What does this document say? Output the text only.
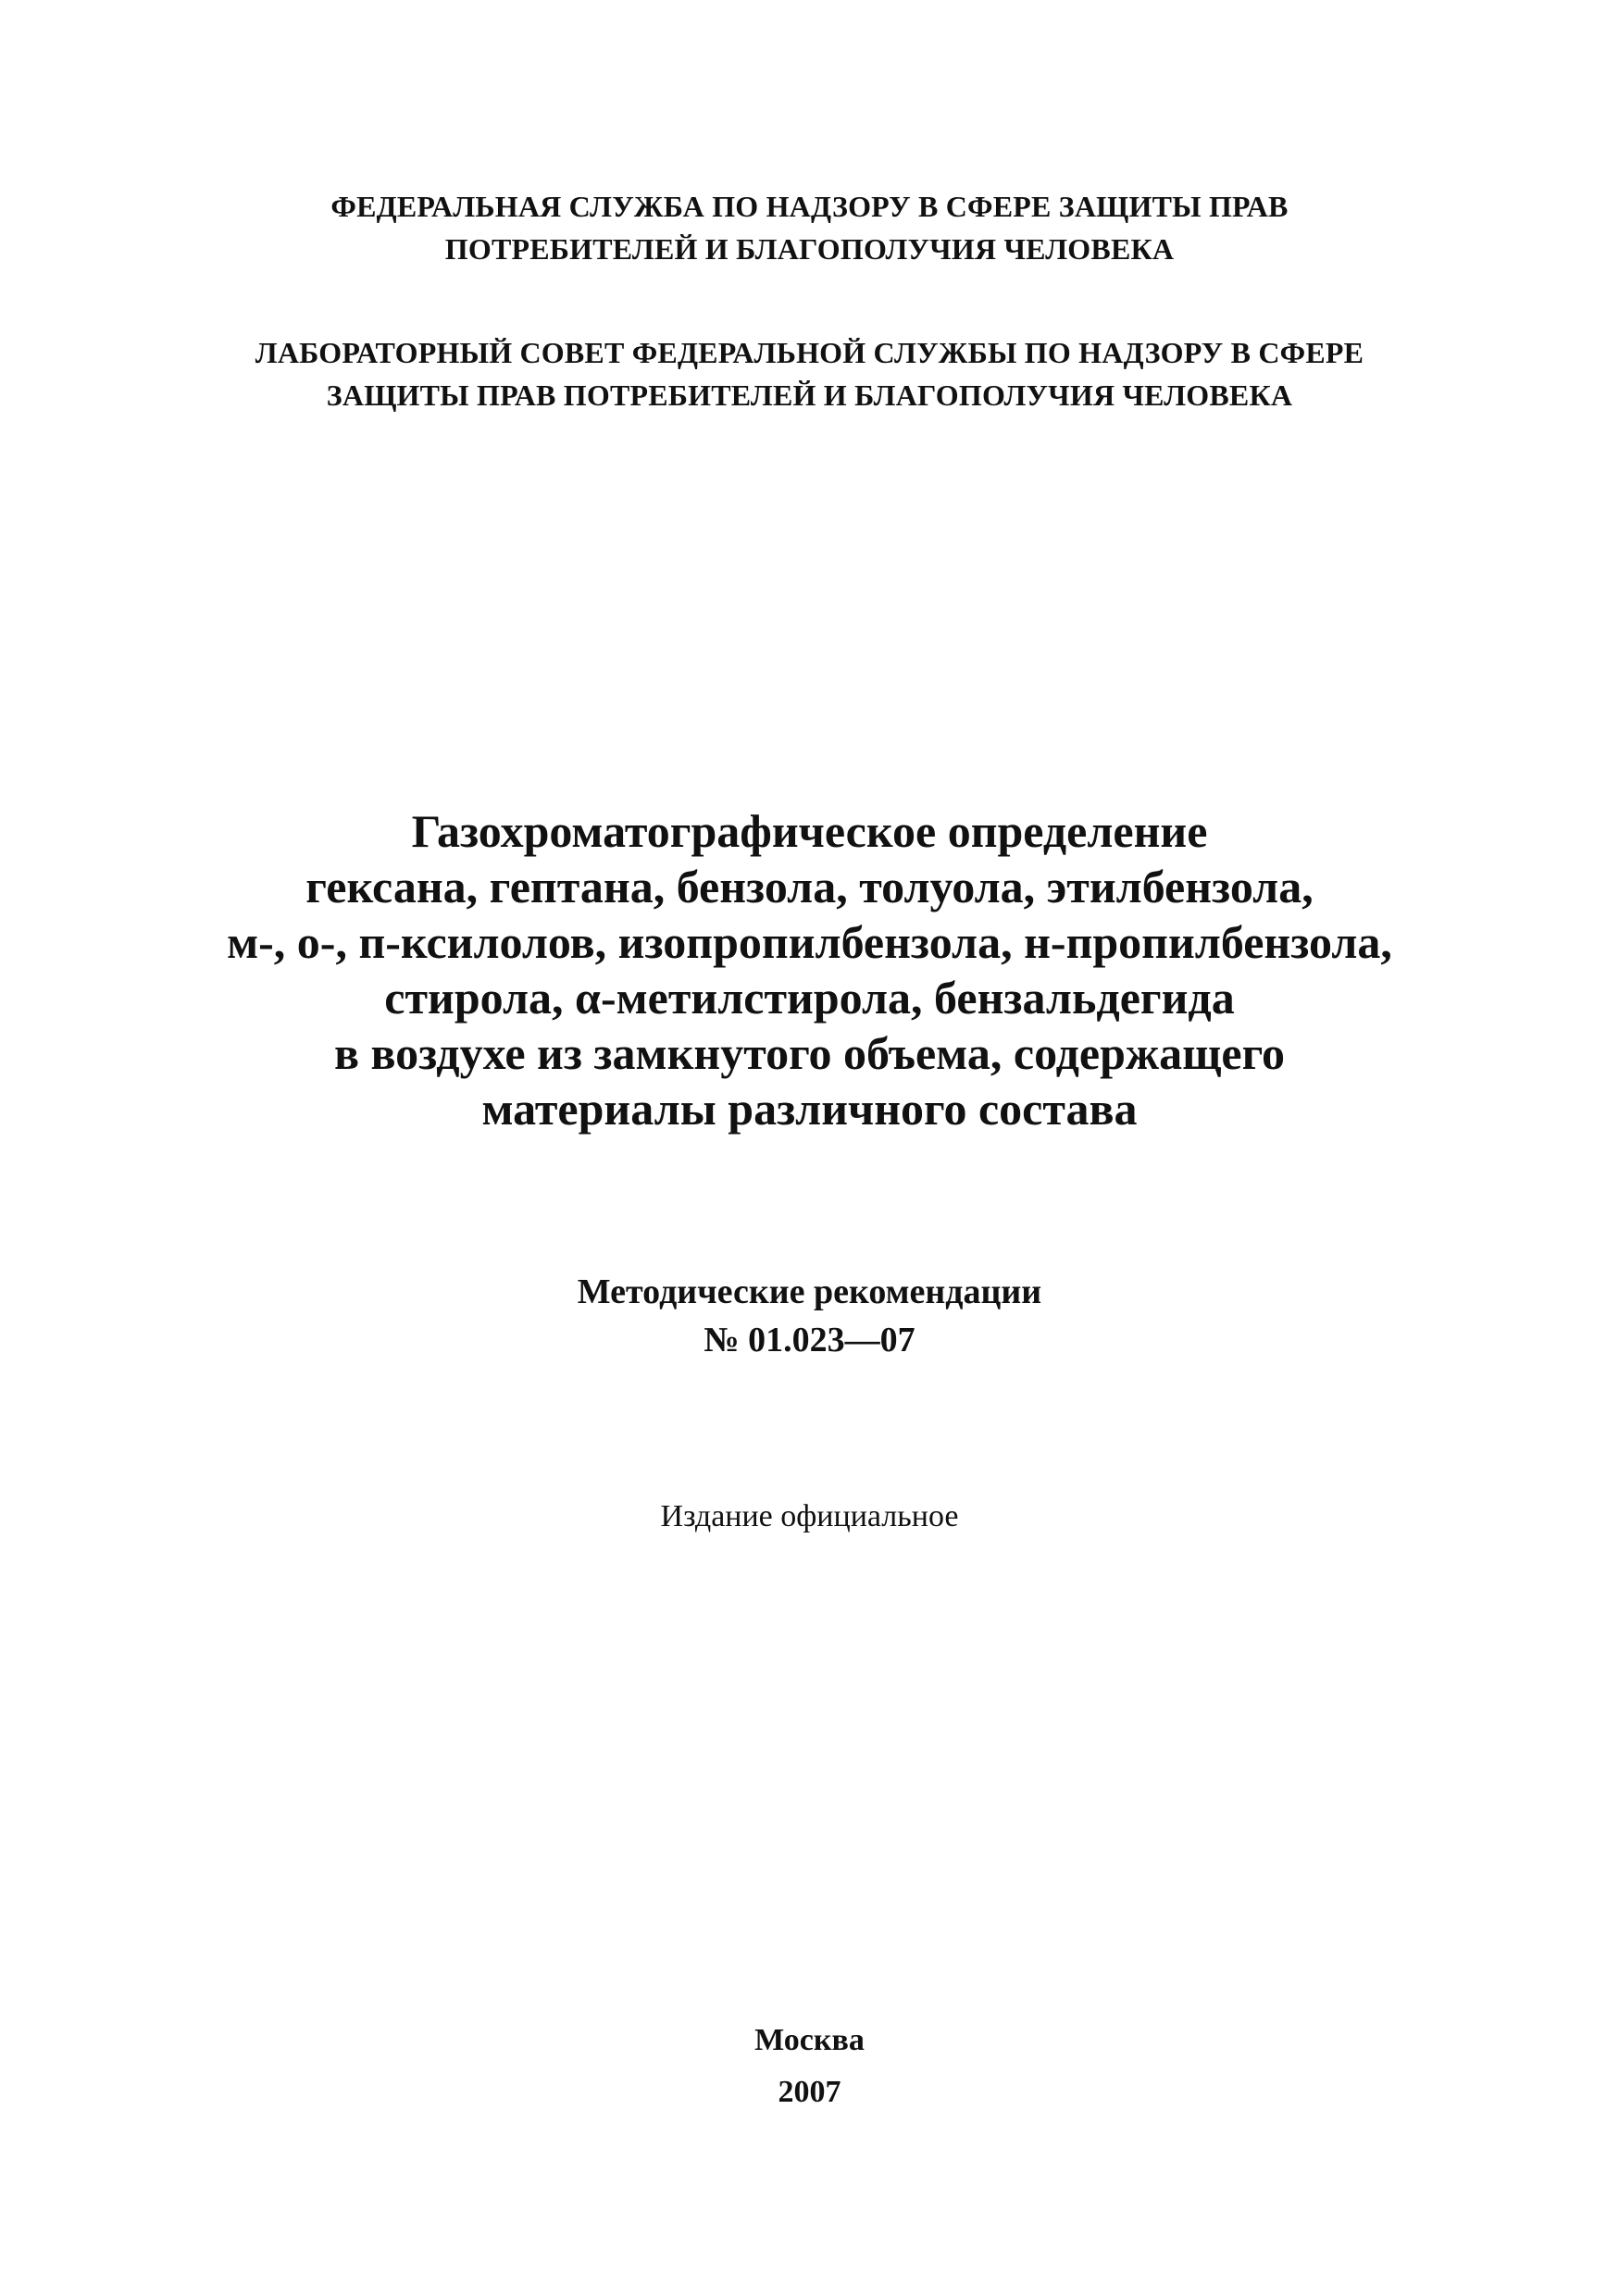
ФЕДЕРАЛЬНАЯ СЛУЖБА ПО НАДЗОРУ В СФЕРЕ ЗАЩИТЫ ПРАВ
ПОТРЕБИТЕЛЕЙ И БЛАГОПОЛУЧИЯ ЧЕЛОВЕКА
ЛАБОРАТОРНЫЙ СОВЕТ ФЕДЕРАЛЬНОЙ СЛУЖБЫ ПО НАДЗОРУ В СФЕРЕ
ЗАЩИТЫ ПРАВ ПОТРЕБИТЕЛЕЙ И БЛАГОПОЛУЧИЯ ЧЕЛОВЕКА
Газохроматографическое определение
гексана, гептана, бензола, толуола, этилбензола,
м-, о-, п-ксилолов, изопропилбензола, н-пропилбензола,
стирола, α-метилстирола, бензальдегида
в воздухе из замкнутого объема, содержащего
материалы различного состава
Методические рекомендации
№ 01.023—07
Издание официальное
Москва
2007
